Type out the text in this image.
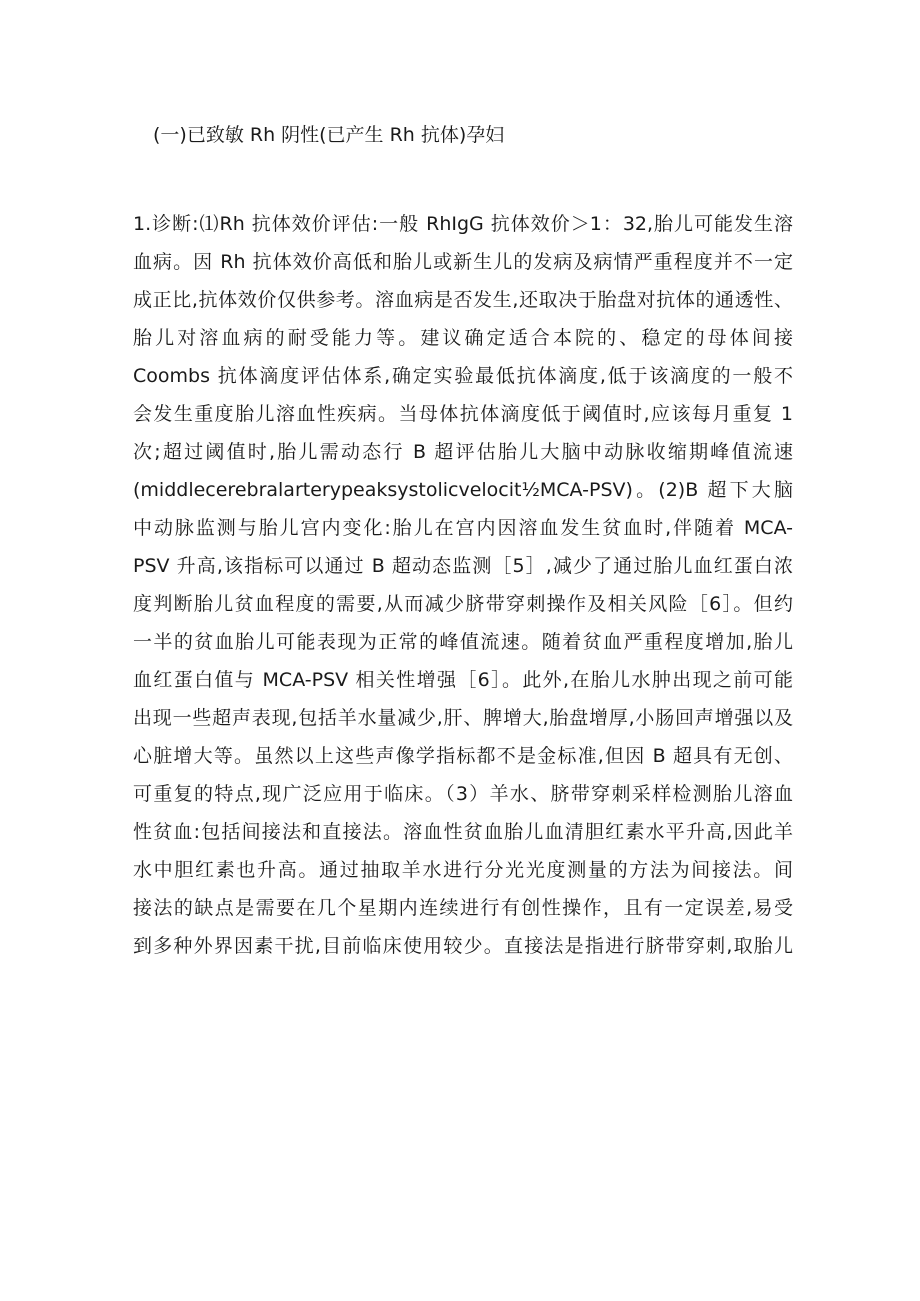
(一)已致敏 Rh 阴性(已产生 Rh 抗体)孕妇
1.诊断:⑴Rh 抗体效价评估:一般 RhIgG 抗体效价＞1：32,胎儿可能发生溶
血病。因 Rh 抗体效价高低和胎儿或新生儿的发病及病情严重程度并不一定
成正比,抗体效价仅供参考。溶血病是否发生,还取决于胎盘对抗体的通透性、
胎儿对溶血病的耐受能力等。建议确定适合本院的、稳定的母体间接
Coombs 抗体滴度评估体系,确定实验最低抗体滴度,低于该滴度的一般不
会发生重度胎儿溶血性疾病。当母体抗体滴度低于阈值时,应该每月重复 1
次;超过阈值时,胎儿需动态行 B 超评估胎儿大脑中动脉收缩期峰值流速
(middlecerebralarterypeaksystolicvelocit½MCA-PSV)。(2)B 超下大脑
中动脉监测与胎儿宫内变化:胎儿在宫内因溶血发生贫血时,伴随着 MCA-
PSV 升高,该指标可以通过 B 超动态监测［5］,减少了通过胎儿血红蛋白浓
度判断胎儿贫血程度的需要,从而减少脐带穿刺操作及相关风险［6］。但约
一半的贫血胎儿可能表现为正常的峰值流速。随着贫血严重程度增加,胎儿
血红蛋白值与 MCA-PSV 相关性增强［6］。此外,在胎儿水肿出现之前可能
出现一些超声表现,包括羊水量减少,肝、脾增大,胎盘增厚,小肠回声增强以及
心脏增大等。虽然以上这些声像学指标都不是金标准,但因 B 超具有无创、
可重复的特点,现广泛应用于临床。（3）羊水、脐带穿刺采样检测胎儿溶血
性贫血:包括间接法和直接法。溶血性贫血胎儿血清胆红素水平升高,因此羊
水中胆红素也升高。通过抽取羊水进行分光光度测量的方法为间接法。间
接法的缺点是需要在几个星期内连续进行有创性操作，且有一定误差,易受
到多种外界因素干扰,目前临床使用较少。直接法是指进行脐带穿刺,取胎儿
